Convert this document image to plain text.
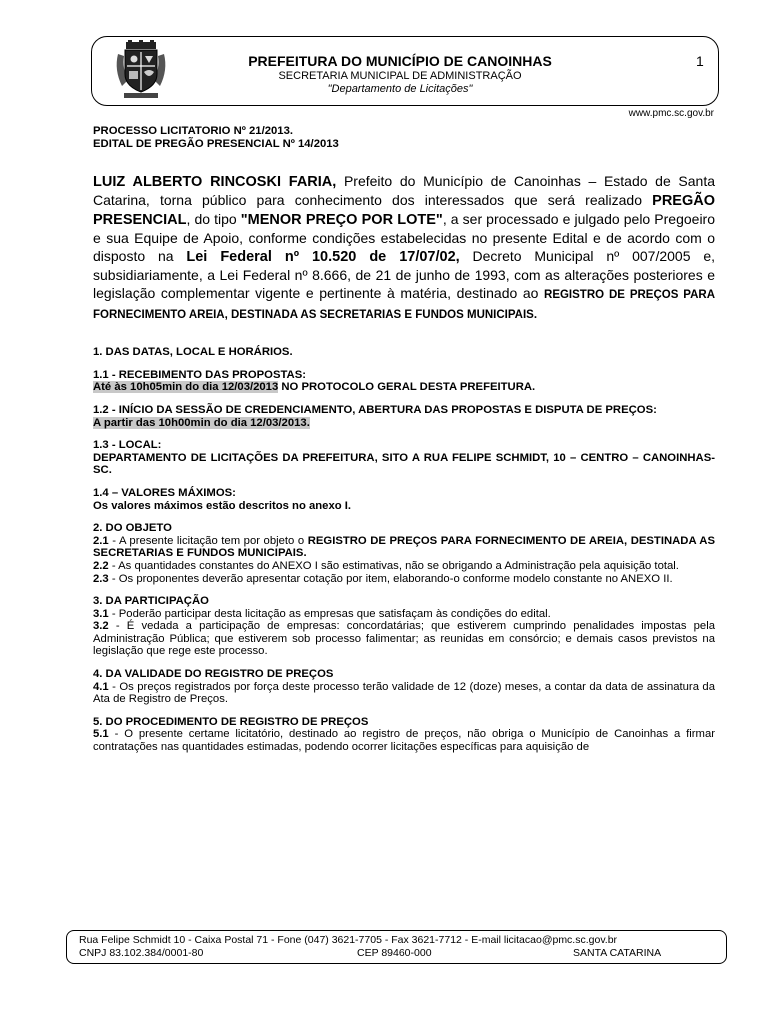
PREFEITURA DO MUNICÍPIO DE CANOINHAS
SECRETARIA MUNICIPAL DE ADMINISTRAÇÃO
"Departamento de Licitações"
1
www.pmc.sc.gov.br

PROCESSO LICITATORIO Nº 21/2013.

EDITAL DE PREGÃO PRESENCIAL Nº 14/2013

LUIZ ALBERTO RINCOSKI FARIA, Prefeito do Município de Canoinhas – Estado de Santa Catarina, torna público para conhecimento dos interessados que será realizado PREGÃO PRESENCIAL, do tipo "MENOR PREÇO POR LOTE", a ser processado e julgado pelo Pregoeiro e sua Equipe de Apoio, conforme condições estabelecidas no presente Edital e de acordo com o disposto na Lei Federal nº 10.520 de 17/07/02, Decreto Municipal nº 007/2005 e, subsidiariamente, a Lei Federal nº 8.666, de 21 de junho de 1993, com as alterações posteriores e legislação complementar vigente e pertinente à matéria, destinado ao REGISTRO DE PREÇOS PARA FORNECIMENTO AREIA, DESTINADA AS SECRETARIAS E FUNDOS MUNICIPAIS.

1. DAS DATAS, LOCAL E HORÁRIOS.

1.1 - RECEBIMENTO DAS PROPOSTAS:

Até às 10h05min do dia 12/03/2013 NO PROTOCOLO GERAL DESTA PREFEITURA.

1.2 - INÍCIO DA SESSÃO DE CREDENCIAMENTO, ABERTURA DAS PROPOSTAS E DISPUTA DE PREÇOS:

A partir das 10h00min do dia 12/03/2013.

1.3 - LOCAL:

DEPARTAMENTO DE LICITAÇÕES DA PREFEITURA, SITO A RUA FELIPE SCHMIDT, 10 – CENTRO – CANOINHAS-SC.

1.4 – VALORES MÁXIMOS:

Os valores máximos estão descritos no anexo I.

2. DO OBJETO

2.1 - A presente licitação tem por objeto o REGISTRO DE PREÇOS PARA FORNECIMENTO DE AREIA, DESTINADA AS SECRETARIAS E FUNDOS MUNICIPAIS.

2.2 - As quantidades constantes do ANEXO I são estimativas, não se obrigando a Administração pela aquisição total.

2.3 - Os proponentes deverão apresentar cotação por item, elaborando-o conforme modelo constante no ANEXO II.

3. DA PARTICIPAÇÃO

3.1 - Poderão participar desta licitação as empresas que satisfaçam às condições do edital.

3.2 - É vedada a participação de empresas: concordatárias; que estiverem cumprindo penalidades impostas pela Administração Pública; que estiverem sob processo falimentar; as reunidas em consórcio; e demais casos previstos na legislação que rege este processo.

4. DA VALIDADE DO REGISTRO DE PREÇOS

4.1 - Os preços registrados por força deste processo terão validade de 12 (doze) meses, a contar da data de assinatura da Ata de Registro de Preços.

5. DO PROCEDIMENTO DE REGISTRO DE PREÇOS

5.1 - O presente certame licitatório, destinado ao registro de preços, não obriga o Município de Canoinhas a firmar contratações nas quantidades estimadas, podendo ocorrer licitações específicas para aquisição de

Rua Felipe Schmidt 10 - Caixa Postal 71 - Fone (047) 3621-7705 - Fax 3621-7712 - E-mail licitacao@pmc.sc.gov.br
CNPJ 83.102.384/0001-80	CEP 89460-000	SANTA CATARINA
